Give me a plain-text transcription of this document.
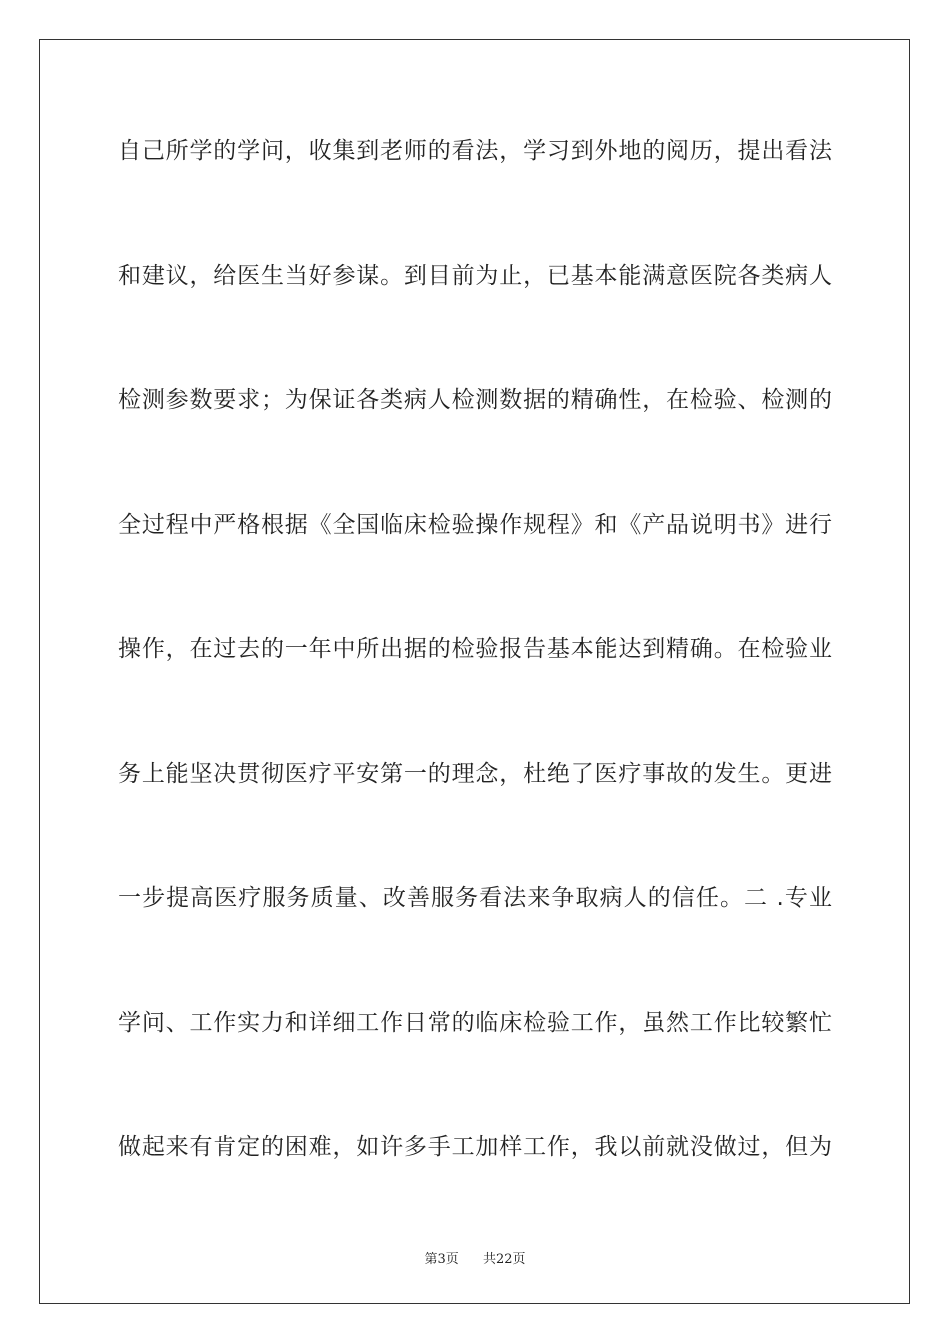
自己所学的学问，收集到老师的看法，学习到外地的阅历，提出看法
和建议，给医生当好参谋。到目前为止，已基本能满意医院各类病人
检测参数要求；为保证各类病人检测数据的精确性，在检验、检测的
全过程中严格根据《全国临床检验操作规程》和《产品说明书》进行
操作，在过去的一年中所出据的检验报告基本能达到精确。在检验业
务上能坚决贯彻医疗平安第一的理念，杜绝了医疗事故的发生。更进
一步提高医疗服务质量、改善服务看法来争取病人的信任。二 .专业
学问、工作实力和详细工作日常的临床检验工作，虽然工作比较繁忙
做起来有肯定的困难，如许多手工加样工作，我以前就没做过，但为
第3页 共22页
